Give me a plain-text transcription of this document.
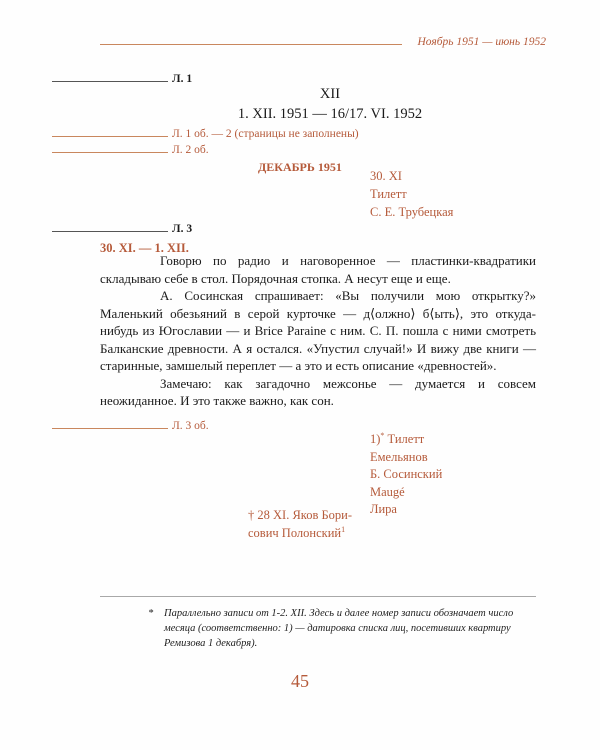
Ноябрь 1951 — июнь 1952
Л. 1
XII
1. XII. 1951 — 16/17. VI. 1952
Л. 1 об. — 2 (страницы не заполнены)
Л. 2 об.
ДЕКАБРЬ 1951
30. XI
Тилетт
С. Е. Трубецкая
Л. 3
30. XI. — 1. XII.

Говорю по радио и наговоренное — пластинки-квадратики складываю себе в стол. Порядочная стопка. А несут еще и еще.

А. Сосинская спрашивает: «Вы получили мою открытку?» Маленький обезьяний в серой курточке — д⟨олжно⟩ б⟨ыть⟩, это откуда-нибудь из Югославии — и Brice Paraine с ним. С. П. пошла с ними смотреть Балканские древности. А я остался. «Упустил случай!» И вижу две книги — старинные, замшелый переплет — а это и есть описание «древностей».

Замечаю: как загадочно межсонье — думается и совсем неожиданное. И это также важно, как сон.

Л. 3 об.
1)* Тилетт
Емельянов
Б. Сосинский
Maugé
Лира
† 28 XI. Яков Бори-
сович Полонский$^1$
*	Параллельно записи от 1-2. XII. Здесь и далее номер записи обозначает число месяца (соответственно: 1) — датировка списка лиц, посетивших квартиру Ремизова 1 декабря).
45
